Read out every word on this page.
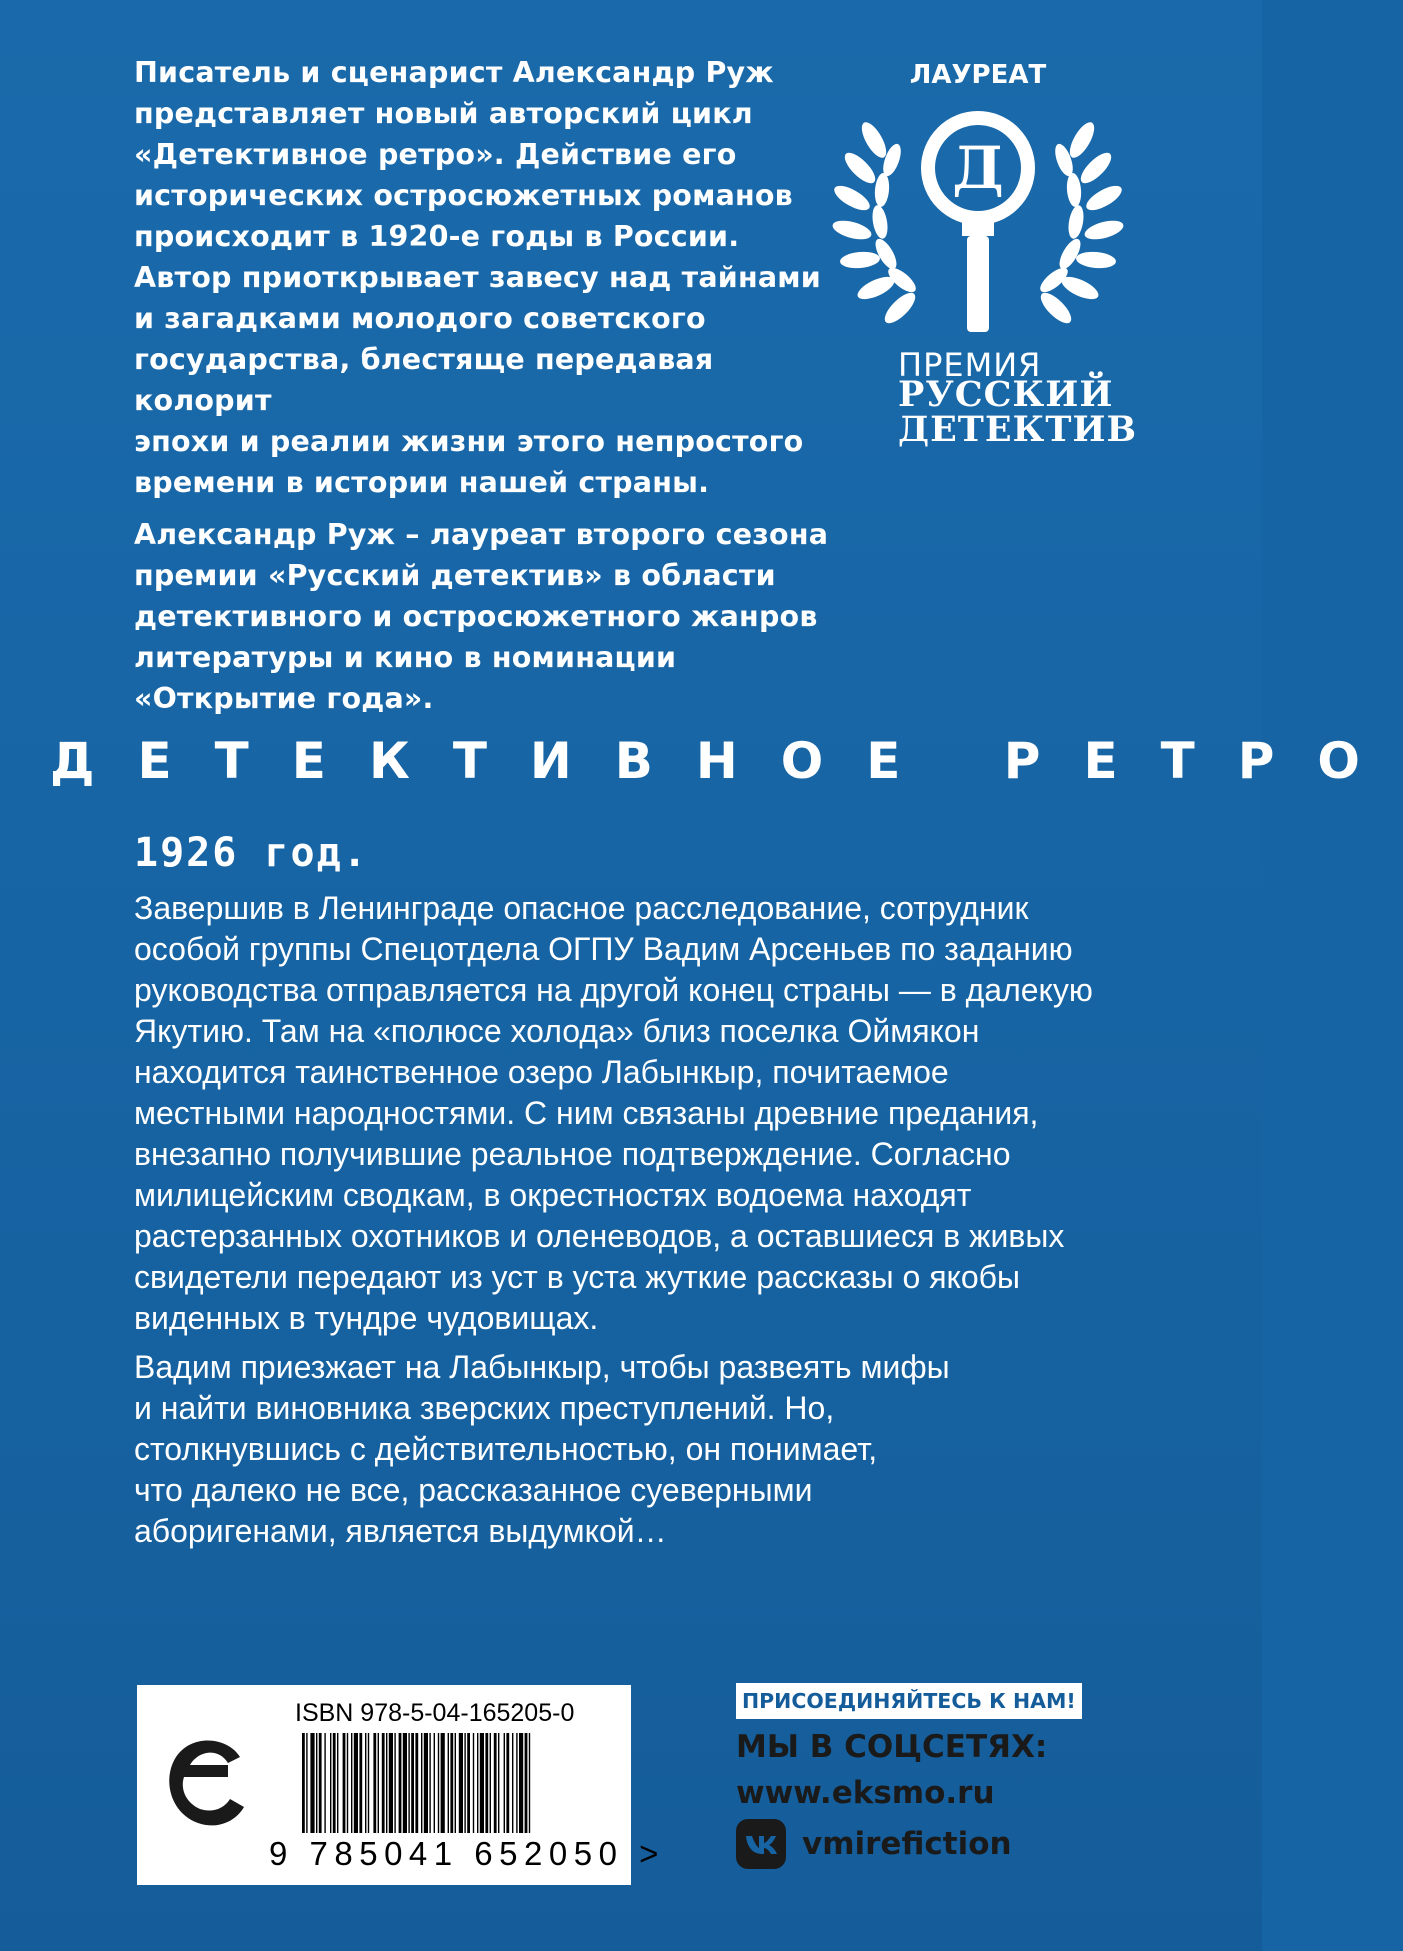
Писатель и сценарист Александр Руж
представляет новый авторский цикл
«Детективное ретро». Действие его
исторических остросюжетных романов
происходит в 1920-е годы в России.
Автор приоткрывает завесу над тайнами
и загадками молодого советского
государства, блестяще передавая колорит
эпохи и реалии жизни этого непростого
времени в истории нашей страны.

Александр Руж – лауреат второго сезона
премии «Русский детектив» в области
детективного и остросюжетного жанров
литературы и кино в номинации
«Открытие года».

Д
ЛАУРЕАТ
ПРЕМИЯ
РУССКИЙ
ДЕТЕКТИВ
ДЕТЕКТИВНОЕ РЕТРО
1926 год.

Завершив в Ленинграде опасное расследование, сотрудник
особой группы Спецотдела ОГПУ Вадим Арсеньев по заданию
руководства отправляется на другой конец страны — в далекую
Якутию. Там на «полюсе холода» близ поселка Оймякон
находится таинственное озеро Лабынкыр, почитаемое
местными народностями. С ним связаны древние предания,
внезапно получившие реальное подтверждение. Согласно
милицейским сводкам, в окрестностях водоема находят
растерзанных охотников и оленеводов, а оставшиеся в живых
свидетели передают из уст в уста жуткие рассказы о якобы
виденных в тундре чудовищах.

Вадим приезжает на Лабынкыр, чтобы развеять мифы
и найти виновника зверских преступлений. Но,
столкнувшись с действительностью, он понимает,
что далеко не все, рассказанное суеверными
аборигенами, является выдумкой…

ISBN 978-5-04-165205-0
9 785041 652050 >
ПРИСОЕДИНЯЙТЕСЬ К НАМ!
МЫ В СОЦСЕТЯХ:
www.eksmo.ru
vmirefiction
